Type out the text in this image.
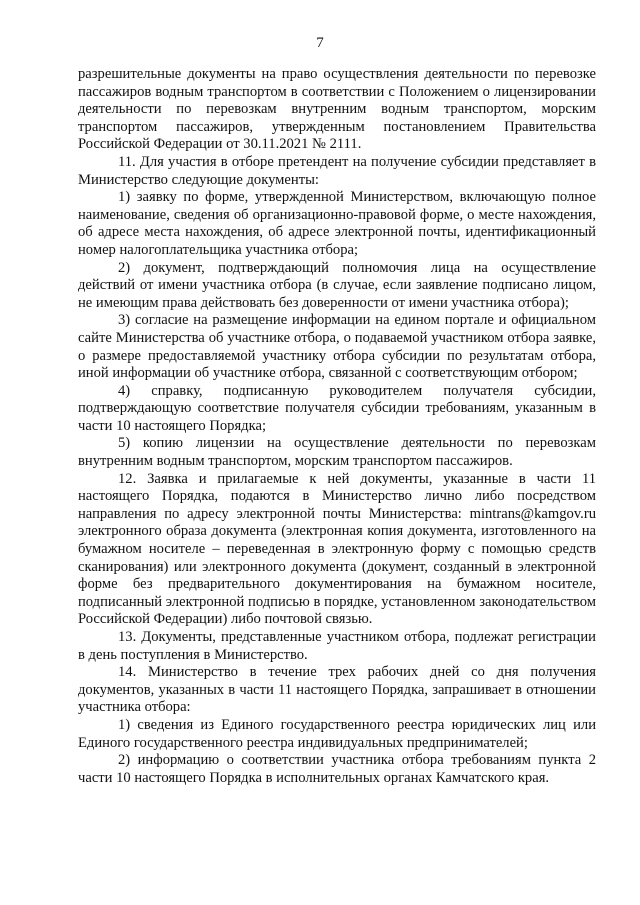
7

разрешительные документы на право осуществления деятельности по перевозке пассажиров водным транспортом в соответствии с Положением о лицензировании деятельности по перевозкам внутренним водным транспортом, морским транспортом пассажиров, утвержденным постановлением Правительства Российской Федерации от 30.11.2021 № 2111.

11. Для участия в отборе претендент на получение субсидии представляет в Министерство следующие документы:

1) заявку по форме, утвержденной Министерством, включающую полное наименование, сведения об организационно-правовой форме, о месте нахождения, об адресе места нахождения, об адресе электронной почты, идентификационный номер налогоплательщика участника отбора;

2) документ, подтверждающий полномочия лица на осуществление действий от имени участника отбора (в случае, если заявление подписано лицом, не имеющим права действовать без доверенности от имени участника отбора);

3) согласие на размещение информации на едином портале и официальном сайте Министерства об участнике отбора, о подаваемой участником отбора заявке, о размере предоставляемой участнику отбора субсидии по результатам отбора, иной информации об участнике отбора, связанной с соответствующим отбором;

4) справку, подписанную руководителем получателя субсидии, подтверждающую соответствие получателя субсидии требованиям, указанным в части 10 настоящего Порядка;

5) копию лицензии на осуществление деятельности по перевозкам внутренним водным транспортом, морским транспортом пассажиров.

12. Заявка и прилагаемые к ней документы, указанные в части 11 настоящего Порядка, подаются в Министерство лично либо посредством направления по адресу электронной почты Министерства: mintrans@kamgov.ru электронного образа документа (электронная копия документа, изготовленного на бумажном носителе – переведенная в электронную форму с помощью средств сканирования) или электронного документа (документ, созданный в электронной форме без предварительного документирования на бумажном носителе, подписанный электронной подписью в порядке, установленном законодательством Российской Федерации) либо почтовой связью.

13. Документы, представленные участником отбора, подлежат регистрации в день поступления в Министерство.

14. Министерство в течение трех рабочих дней со дня получения документов, указанных в части 11 настоящего Порядка, запрашивает в отношении участника отбора:

1) сведения из Единого государственного реестра юридических лиц или Единого государственного реестра индивидуальных предпринимателей;

2) информацию о соответствии участника отбора требованиям пункта 2 части 10 настоящего Порядка в исполнительных органах Камчатского края.
